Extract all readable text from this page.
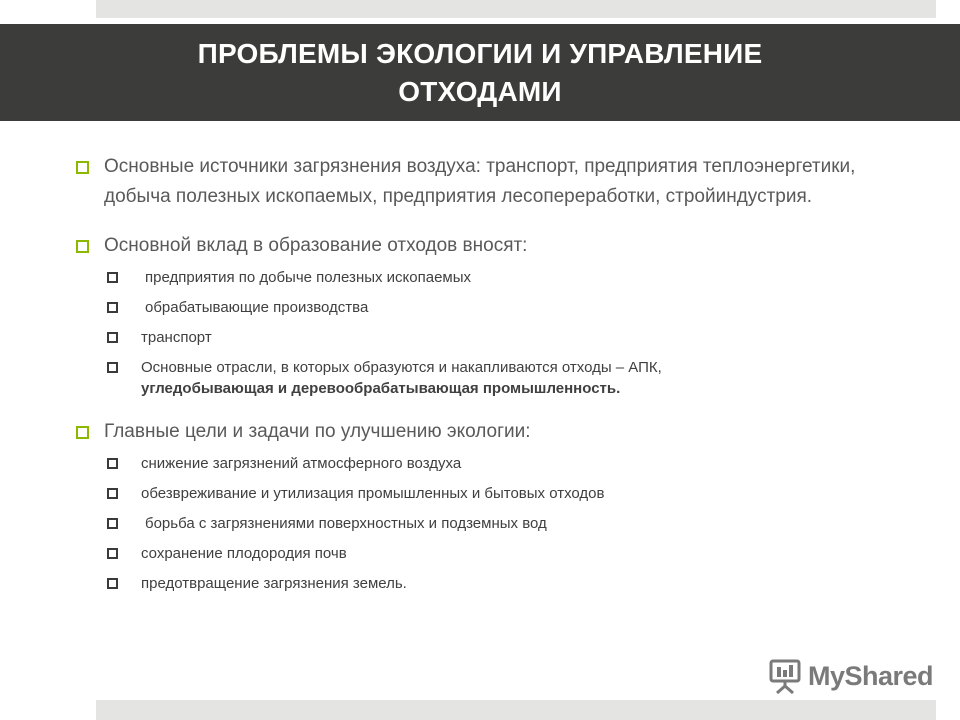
ПРОБЛЕМЫ ЭКОЛОГИИ И УПРАВЛЕНИЕ
ОТХОДАМИ
Основные источники загрязнения воздуха: транспорт, предприятия теплоэнергетики, добыча полезных ископаемых, предприятия лесопереработки, стройиндустрия.
Основной вклад в образование отходов вносят:
предприятия по добыче полезных ископаемых
обрабатывающие производства
транспорт
Основные отрасли, в которых образуются и накапливаются отходы – АПК,
угледобывающая и деревообрабатывающая промышленность.
Главные цели и задачи по улучшению экологии:
снижение загрязнений атмосферного воздуха
обезвреживание и утилизация промышленных и бытовых отходов
борьба с загрязнениями поверхностных и подземных вод
сохранение плодородия почв
предотвращение загрязнения земель.
MyShared
